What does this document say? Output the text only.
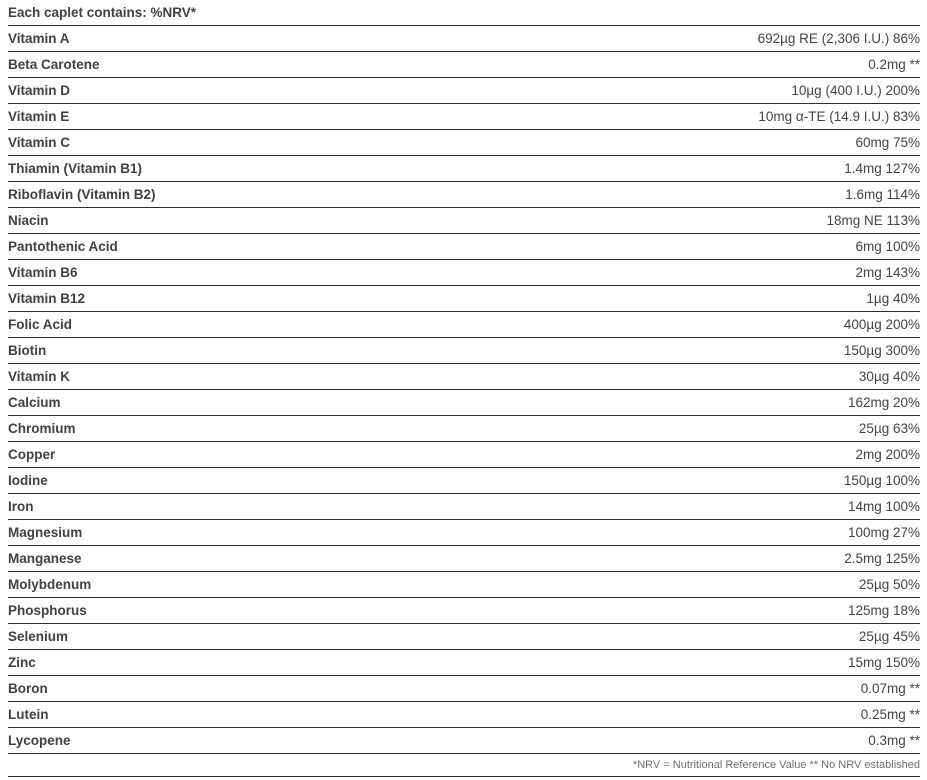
Each caplet contains: %NRV*
Vitamin A	692µg RE (2,306 I.U.) 86%
Beta Carotene	0.2mg **
Vitamin D	10µg (400 I.U.) 200%
Vitamin E	10mg α-TE (14.9 I.U.) 83%
Vitamin C	60mg 75%
Thiamin (Vitamin B1)	1.4mg 127%
Riboflavin (Vitamin B2)	1.6mg 114%
Niacin	18mg NE 113%
Pantothenic Acid	6mg 100%
Vitamin B6	2mg 143%
Vitamin B12	1µg 40%
Folic Acid	400µg 200%
Biotin	150µg 300%
Vitamin K	30µg 40%
Calcium	162mg 20%
Chromium	25µg 63%
Copper	2mg 200%
Iodine	150µg 100%
Iron	14mg 100%
Magnesium	100mg 27%
Manganese	2.5mg 125%
Molybdenum	25µg 50%
Phosphorus	125mg 18%
Selenium	25µg 45%
Zinc	15mg 150%
Boron	0.07mg **
Lutein	0.25mg **
Lycopene	0.3mg **
*NRV = Nutritional Reference Value ** No NRV established
